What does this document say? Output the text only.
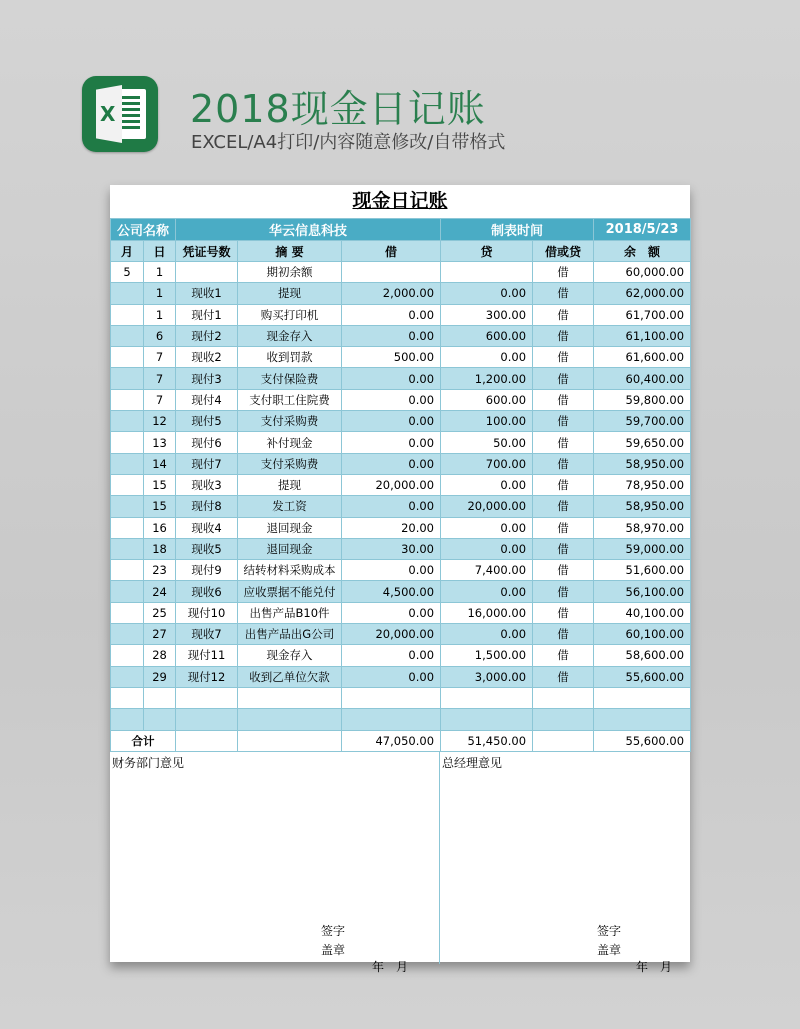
X 2018现金日记账
EXCEL/A4打印/内容随意修改/自带格式
现金日记账
公司名称		华云信息科技			制表时间		2018/5/23
月	日	凭证号数	摘 要	借	贷	借或贷	余　额
5	1		期初余额			借	60,000.00
	1	现收1	提现	2,000.00	0.00	借	62,000.00
	1	现付1	购买打印机	0.00	300.00	借	61,700.00
	6	现付2	现金存入	0.00	600.00	借	61,100.00
	7	现收2	收到罚款	500.00	0.00	借	61,600.00
	7	现付3	支付保险费	0.00	1,200.00	借	60,400.00
	7	现付4	支付职工住院费	0.00	600.00	借	59,800.00
	12	现付5	支付采购费	0.00	100.00	借	59,700.00
	13	现付6	补付现金	0.00	50.00	借	59,650.00
	14	现付7	支付采购费	0.00	700.00	借	58,950.00
	15	现收3	提现	20,000.00	0.00	借	78,950.00
	15	现付8	发工资	0.00	20,000.00	借	58,950.00
	16	现收4	退回现金	20.00	0.00	借	58,970.00
	18	现收5	退回现金	30.00	0.00	借	59,000.00
	23	现付9	结转材料采购成本	0.00	7,400.00	借	51,600.00
	24	现收6	应收票据不能兑付	4,500.00	0.00	借	56,100.00
	25	现付10	出售产品B10件	0.00	16,000.00	借	40,100.00
	27	现收7	出售产品出G公司	20,000.00	0.00	借	60,100.00
	28	现付11	现金存入	0.00	1,500.00	借	58,600.00
	29	现付12	收到乙单位欠款	0.00	3,000.00	借	55,600.00

合计				47,050.00	51,450.00		55,600.00
财务部门意见
签字
盖章
年　月
总经理意见
签字
盖章
年　月
